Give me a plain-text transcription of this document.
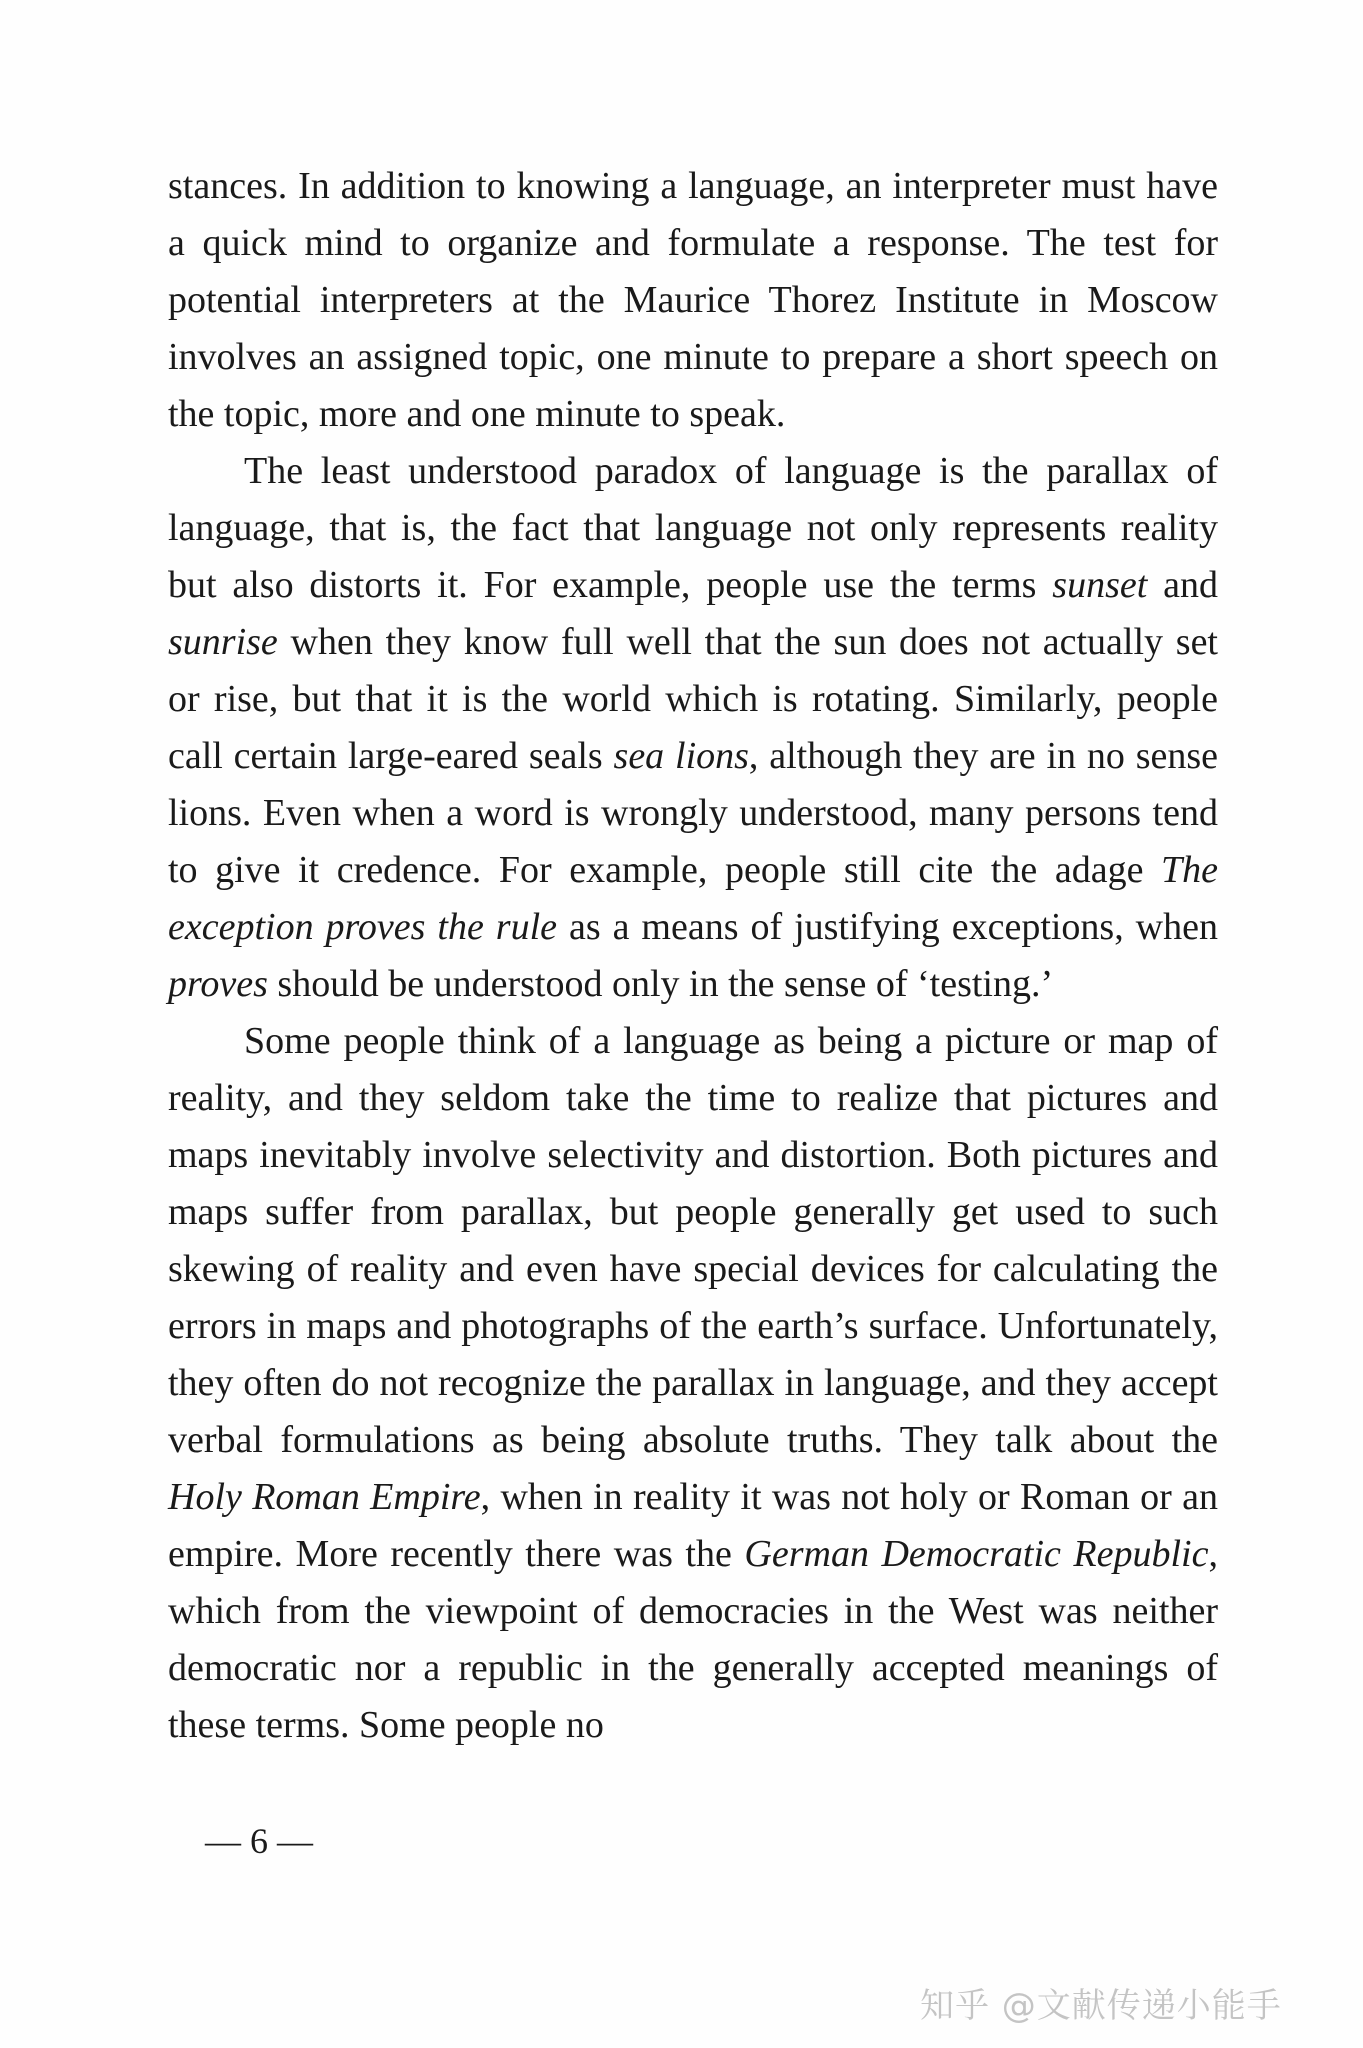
stances. In addition to knowing a language, an interpreter must have a quick mind to organize and formulate a response. The test for potential interpreters at the Maurice Thorez Institute in Moscow involves an assigned topic, one minute to prepare a short speech on the topic, more and one minute to speak.

The least understood paradox of language is the parallax of language, that is, the fact that language not only represents reality but also distorts it. For example, people use the terms sunset and sunrise when they know full well that the sun does not actually set or rise, but that it is the world which is rotating. Similarly, people call certain large-eared seals sea lions, although they are in no sense lions. Even when a word is wrongly understood, many persons tend to give it credence. For example, people still cite the adage The exception proves the rule as a means of justifying exceptions, when proves should be understood only in the sense of ‘testing.’

Some people think of a language as being a picture or map of reality, and they seldom take the time to realize that pictures and maps inevitably involve selectivity and distortion. Both pictures and maps suffer from parallax, but people generally get used to such skewing of reality and even have special devices for calculating the errors in maps and photographs of the earth’s surface. Unfortunately, they often do not recognize the parallax in language, and they accept verbal formulations as being absolute truths. They talk about the Holy Roman Empire, when in reality it was not holy or Roman or an empire. More recently there was the German Democratic Republic, which from the viewpoint of democracies in the West was neither democratic nor a republic in the generally accepted meanings of these terms. Some people no

— 6 —
知乎 @文献传递小能手
